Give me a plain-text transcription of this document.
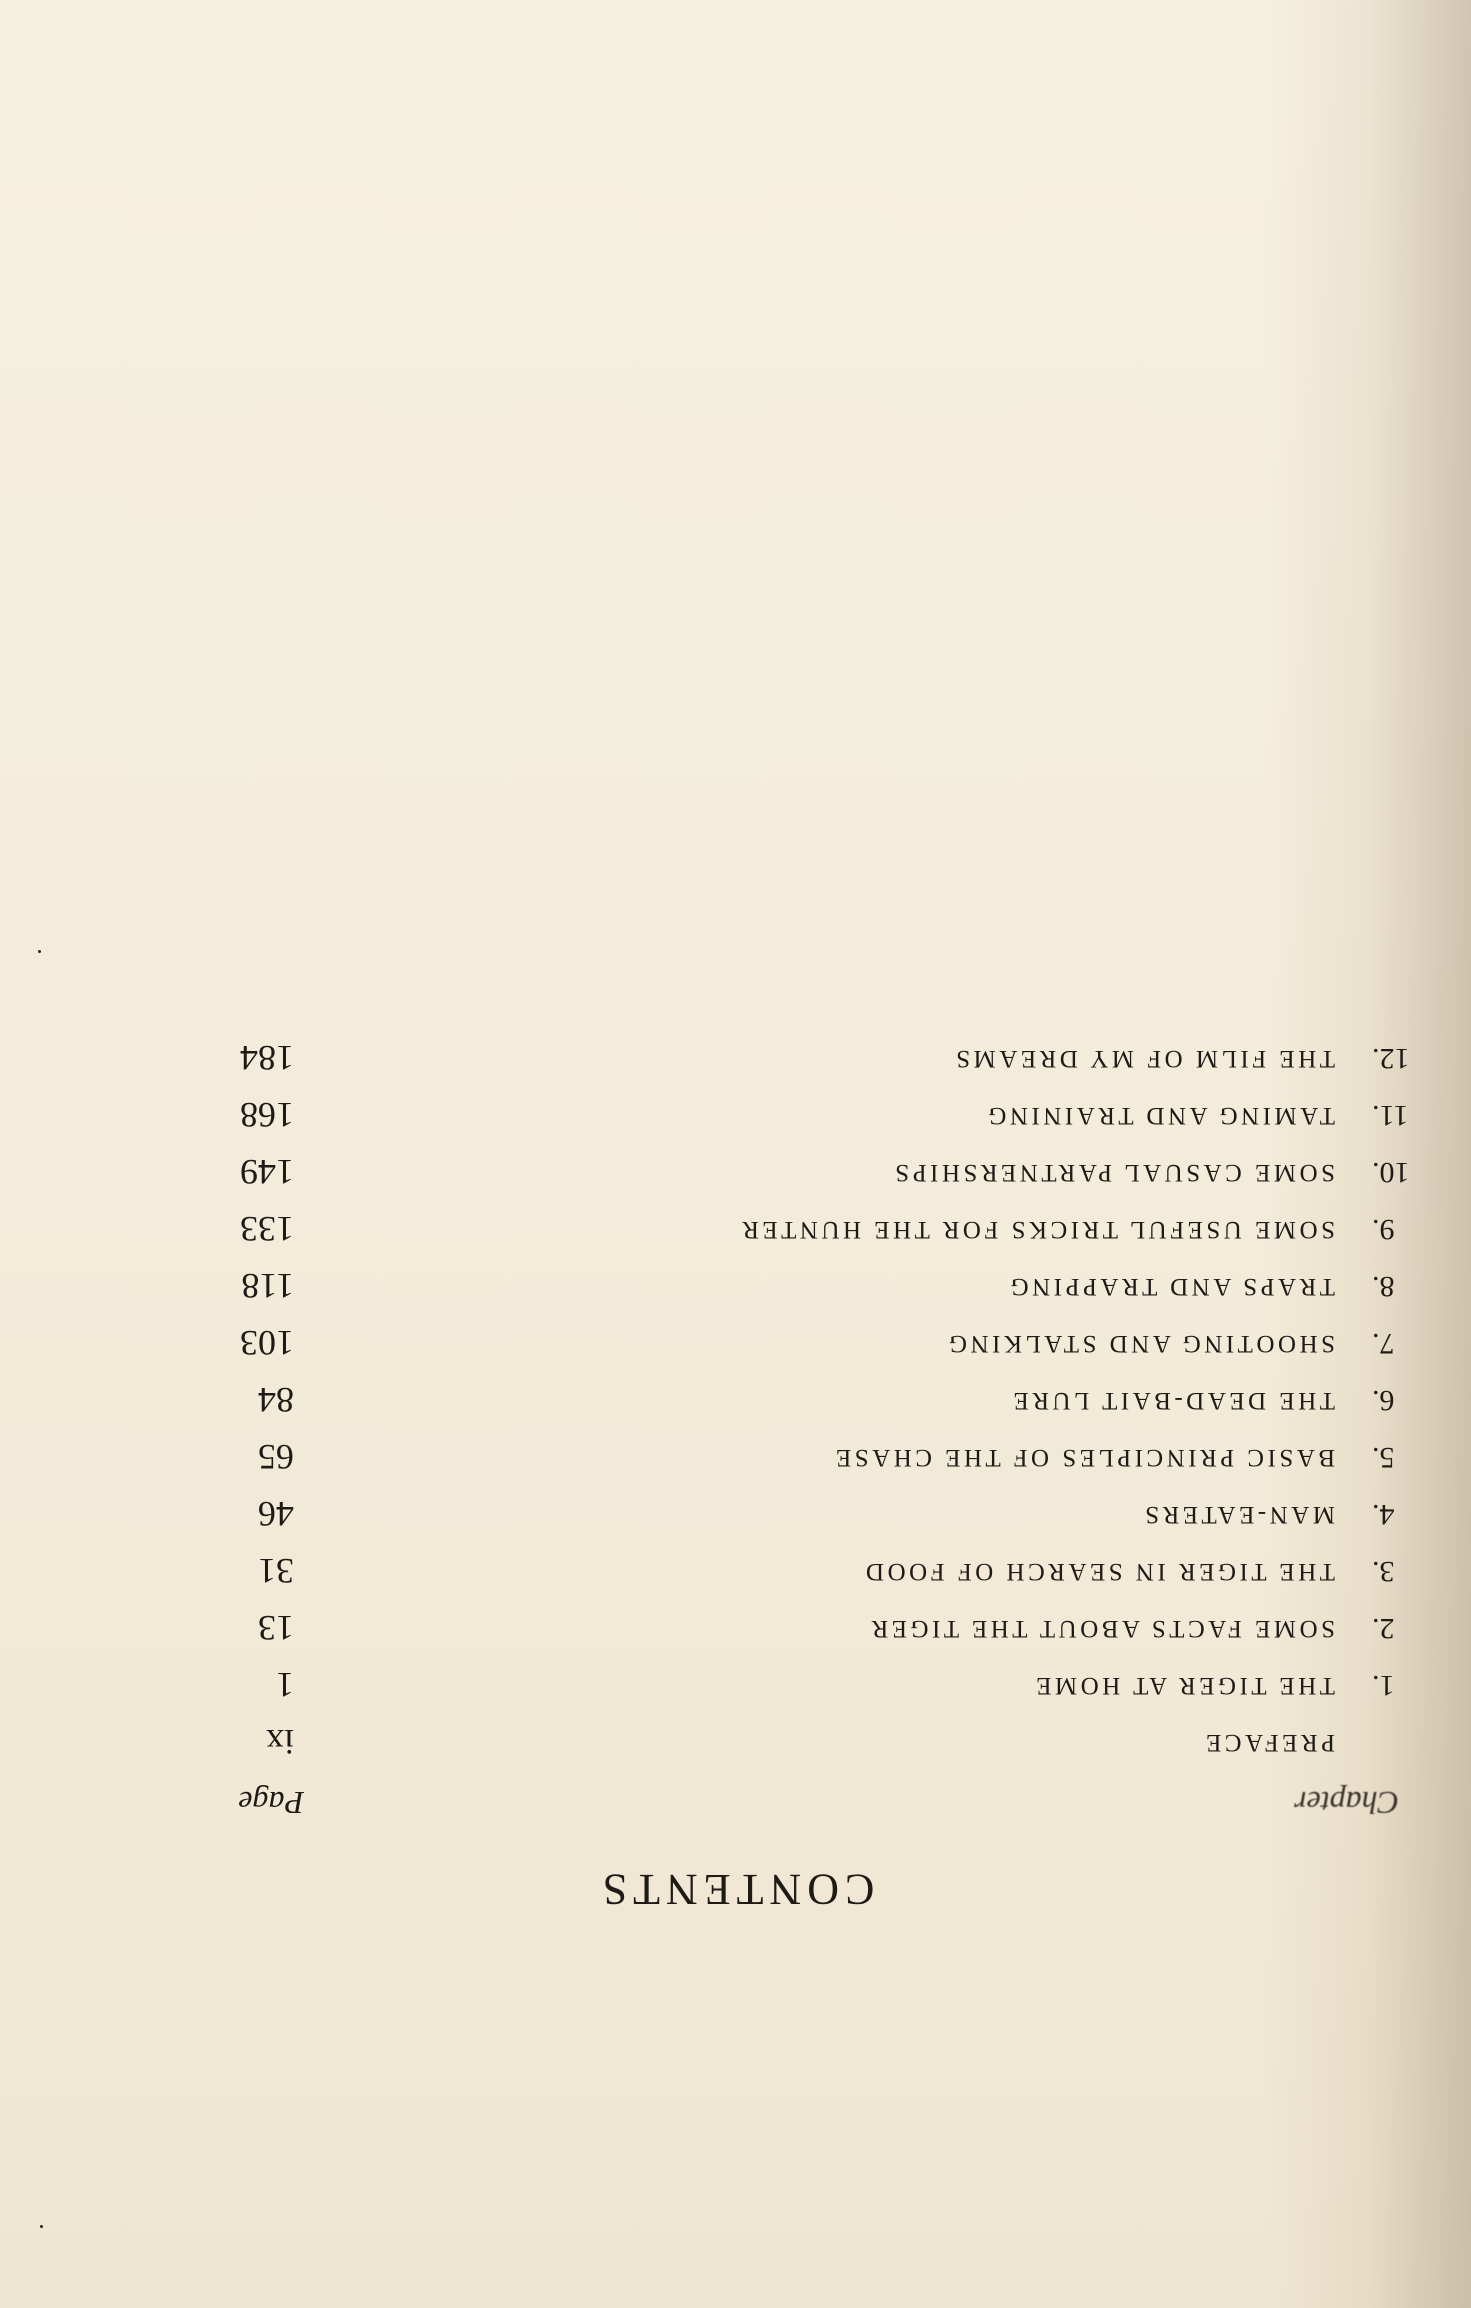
CONTENTS
Chapter
Page
PREFACE
ix
1.
THE TIGER AT HOME
1
2.
SOME FACTS ABOUT THE TIGER
13
3.
THE TIGER IN SEARCH OF FOOD
31
4.
MAN-EATERS
46
5.
BASIC PRINCIPLES OF THE CHASE
65
6.
THE DEAD-BAIT LURE
84
7.
SHOOTING AND STALKING
103
8.
TRAPS AND TRAPPING
118
9.
SOME USEFUL TRICKS FOR THE HUNTER
133
10.
SOME CASUAL PARTNERSHIPS
149
11.
TAMING AND TRAINING
168
12.
THE FILM OF MY DREAMS
184
